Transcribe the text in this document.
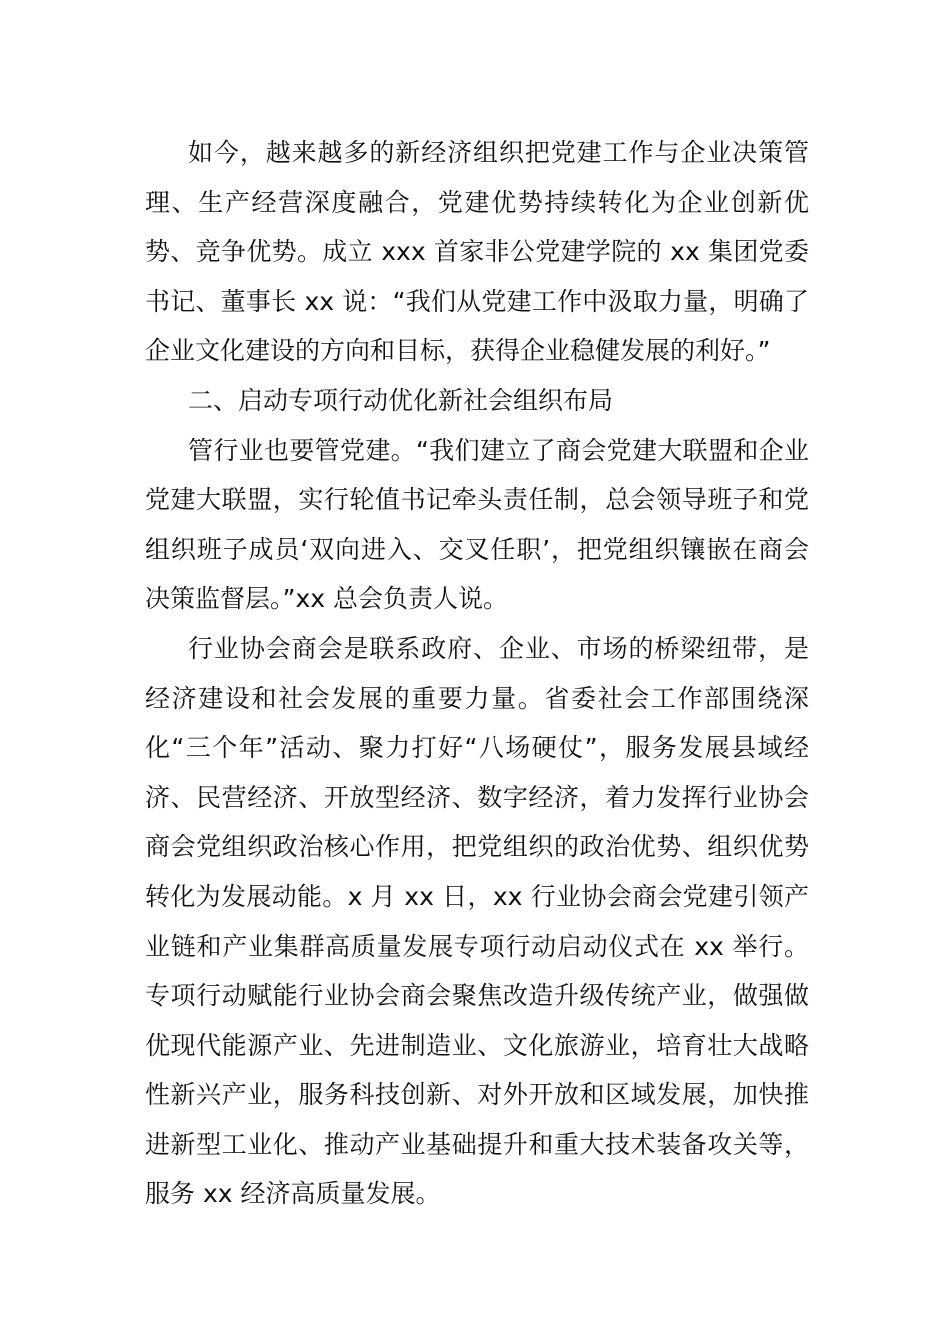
如今，越来越多的新经济组织把党建工作与企业决策管理、生产经营深度融合，党建优势持续转化为企业创新优势、竞争优势。成立 xxx 首家非公党建学院的 xx 集团党委书记、董事长 xx 说：“我们从党建工作中汲取力量，明确了企业文化建设的方向和目标，获得企业稳健发展的利好。”

二、启动专项行动优化新社会组织布局

管行业也要管党建。“我们建立了商会党建大联盟和企业党建大联盟，实行轮值书记牵头责任制，总会领导班子和党组织班子成员‘双向进入、交叉任职’，把党组织镶嵌在商会决策监督层。”xx 总会负责人说。

行业协会商会是联系政府、企业、市场的桥梁纽带，是经济建设和社会发展的重要力量。省委社会工作部围绕深化“三个年”活动、聚力打好“八场硬仗”，服务发展县域经济、民营经济、开放型经济、数字经济，着力发挥行业协会商会党组织政治核心作用，把党组织的政治优势、组织优势转化为发展动能。x 月 xx 日，xx 行业协会商会党建引领产业链和产业集群高质量发展专项行动启动仪式在 xx 举行。专项行动赋能行业协会商会聚焦改造升级传统产业，做强做优现代能源产业、先进制造业、文化旅游业，培育壮大战略性新兴产业，服务科技创新、对外开放和区域发展，加快推进新型工业化、推动产业基础提升和重大技术装备攻关等，服务 xx 经济高质量发展。
